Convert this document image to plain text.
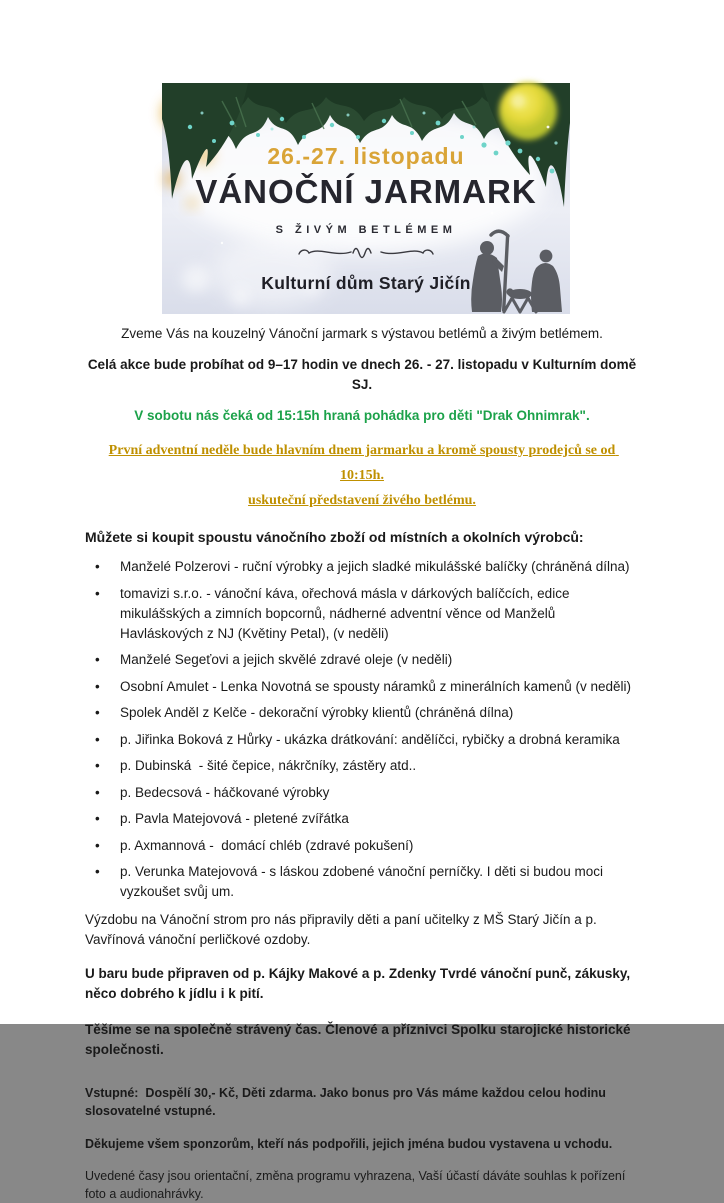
26.-27. listopadu
VÁNOČNÍ JARMARK
S ŽIVÝM BETLÉMEM
Kulturní dům Starý Jičín

Zveme Vás na kouzelný Vánoční jarmark s výstavou betlémů a živým betlémem.

Celá akce bude probíhat od 9–17 hodin ve dnech 26. - 27. listopadu v Kulturním domě SJ.

V sobotu nás čeká od 15:15h hraná pohádka pro děti "Drak Ohnimrak".

První adventní neděle bude hlavním dnem jarmarku a kromě spousty prodejců se od 10:15h.
uskuteční představení živého betlému.

Můžete si koupit spoustu vánočního zboží od místních a okolních výrobců:

• Manželé Polzerovi - ruční výrobky a jejich sladké mikulášské balíčky (chráněná dílna)
• tomavizi s.r.o. - vánoční káva, ořechová másla v dárkových balíčcích, edice mikulášských a zimních bopcornů, nádherné adventní věnce od Manželů Havláskových z NJ (Květiny Petal), (v neděli)
• Manželé Segeťovi a jejich skvělé zdravé oleje (v neděli)
• Osobní Amulet - Lenka Novotná se spousty náramků z minerálních kamenů (v neděli)
• Spolek Anděl z Kelče - dekorační výrobky klientů (chráněná dílna)
• p. Jiřinka Boková z Hůrky - ukázka drátkování: andělíčci, rybičky a drobná keramika
• p. Dubinská  - šité čepice, nákrčníky, zástěry atd..
• p. Bedecsová - háčkované výrobky
• p. Pavla Matejovová - pletené zvířátka
• p. Axmannová -  domácí chléb (zdravé pokušení)
• p. Verunka Matejovová - s láskou zdobené vánoční perníčky. I děti si budou moci vyzkoušet svůj um.

Výzdobu na Vánoční strom pro nás připravily děti a paní učitelky z MŠ Starý Jičín a p. Vavřínová vánoční perličkové ozdoby.

U baru bude připraven od p. Kájky Makové a p. Zdenky Tvrdé vánoční punč, zákusky, něco dobrého k jídlu i k pití.

Těšíme se na společně strávený čas. Členové a příznivci Spolku starojické historické společnosti.

Vstupné:  Dospělí 30,- Kč, Děti zdarma. Jako bonus pro Vás máme každou celou hodinu slosovatelné vstupné.

Děkujeme všem sponzorům, kteří nás podpořili, jejich jména budou vystavena u vchodu.

Uvedené časy jsou orientační, změna programu vyhrazena, Vaší účastí dáváte souhlas k pořízení foto a audionahrávky.
